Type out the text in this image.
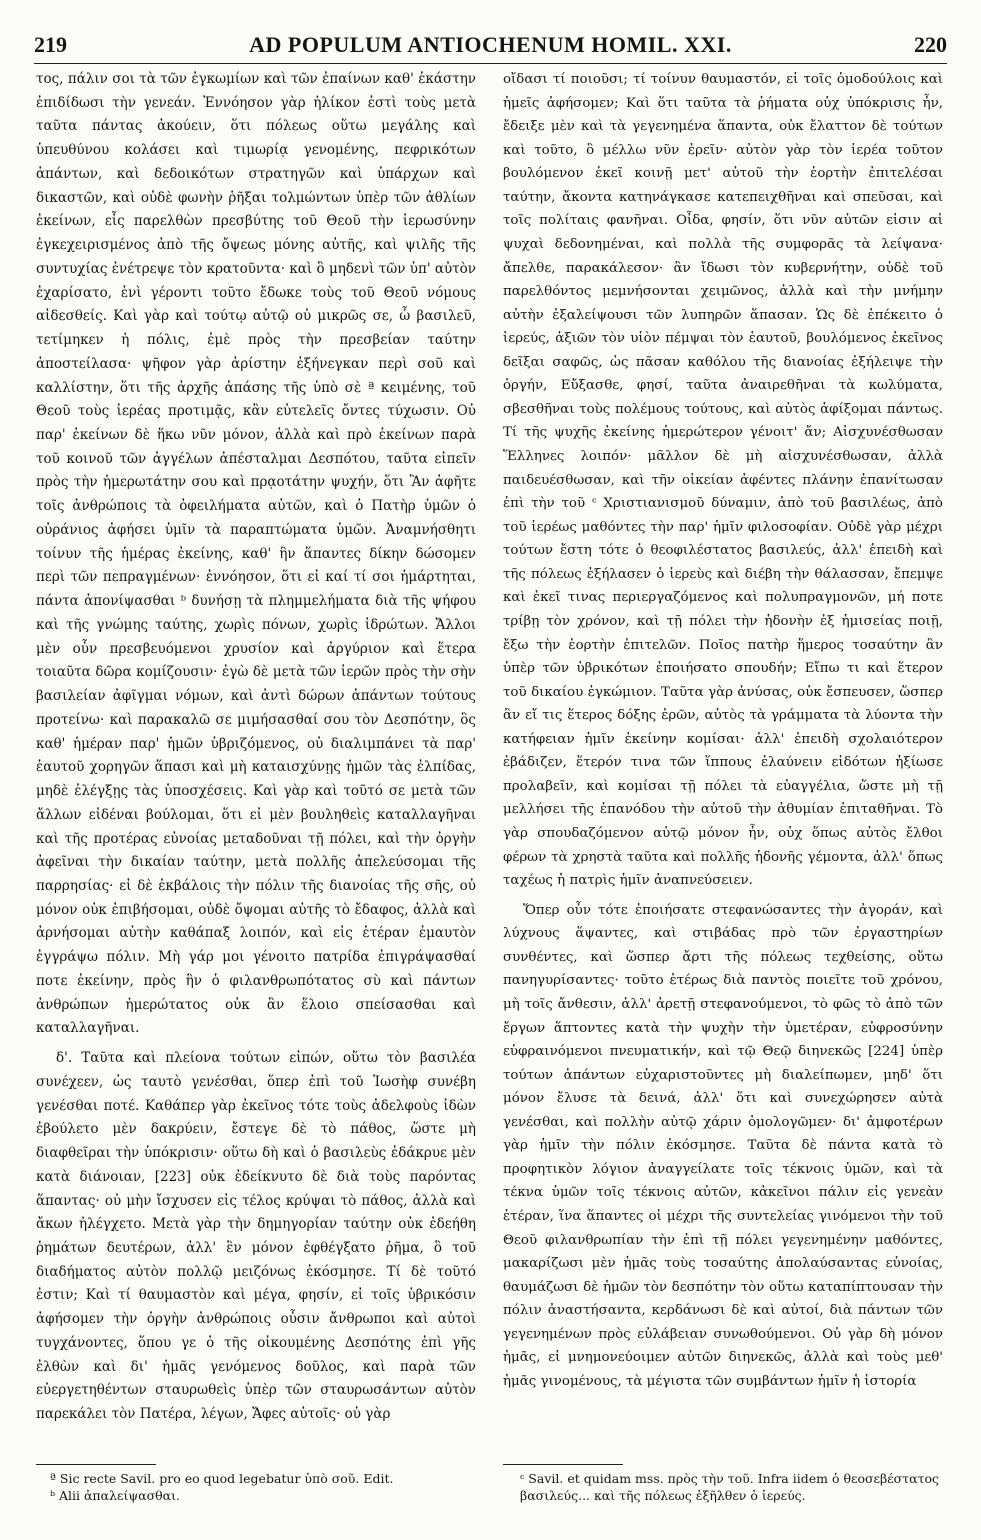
219	AD POPULUM ANTIOCHENUM HOMIL. XXI.	220

τος, πάλιν σοι τὰ τῶν ἐγκωμίων καὶ τῶν ἐπαίνων καθ' ἑκάστην ἐπιδίδωσι τὴν γενεάν. Ἐννόησον γὰρ ἡλίκον ἐστὶ τοὺς μετὰ ταῦτα πάντας ἀκούειν, ὅτι πόλεως οὕτω μεγάλης καὶ ὑπευθύνου κολάσει καὶ τιμωρίᾳ γενομένης, πεφρικότων ἁπάντων, καὶ δεδοικότων στρατηγῶν καὶ ὑπάρχων καὶ δικαστῶν, καὶ οὐδὲ φωνὴν ῥῆξαι τολμώντων ὑπὲρ τῶν ἀθλίων ἐκείνων, εἷς παρελθὼν πρεσβύτης τοῦ Θεοῦ τὴν ἱερωσύνην ἐγκεχειρισμένος ἀπὸ τῆς ὄψεως μόνης αὐτῆς, καὶ ψιλῆς τῆς συντυχίας ἐνέτρεψε τὸν κρατοῦντα· καὶ ὃ μηδενὶ τῶν ὑπ' αὐτὸν ἐχαρίσατο, ἑνὶ γέροντι τοῦτο ἔδωκε τοὺς τοῦ Θεοῦ νόμους αἰδεσθείς. Καὶ γὰρ καὶ τούτῳ αὐτῷ οὐ μικρῶς σε, ὦ βασιλεῦ, τετίμηκεν ἡ πόλις, ἐμὲ πρὸς τὴν πρεσβείαν ταύτην ἀποστείλασα· ψῆφον γὰρ ἀρίστην ἐξήνεγκαν περὶ σοῦ καὶ καλλίστην, ὅτι τῆς ἀρχῆς ἁπάσης τῆς ὑπὸ σὲ ª κειμένης, τοῦ Θεοῦ τοὺς ἱερέας προτιμᾷς, κἂν εὐτελεῖς ὄντες τύχωσιν. Οὐ παρ' ἐκείνων δὲ ἥκω νῦν μόνον, ἀλλὰ καὶ πρὸ ἐκείνων παρὰ τοῦ κοινοῦ τῶν ἀγγέλων ἀπέσταλμαι Δεσπότου, ταῦτα εἰπεῖν πρὸς τὴν ἡμερωτάτην σου καὶ πρᾳοτάτην ψυχήν, ὅτι Ἂν ἀφῆτε τοῖς ἀνθρώποις τὰ ὀφειλήματα αὐτῶν, καὶ ὁ Πατὴρ ὑμῶν ὁ οὐράνιος ἀφήσει ὑμῖν τὰ παραπτώματα ὑμῶν. Ἀναμνήσθητι τοίνυν τῆς ἡμέρας ἐκείνης, καθ' ἣν ἅπαντες δίκην δώσομεν περὶ τῶν πεπραγμένων· ἐννόησον, ὅτι εἰ καί τί σοι ἡμάρτηται, πάντα ἀπονίψασθαι ᵇ δυνήσῃ τὰ πλημμελήματα διὰ τῆς ψήφου καὶ τῆς γνώμης ταύτης, χωρὶς πόνων, χωρὶς ἱδρώτων. Ἄλλοι μὲν οὖν πρεσβευόμενοι χρυσίον καὶ ἀργύριον καὶ ἕτερα τοιαῦτα δῶρα κομίζουσιν· ἐγὼ δὲ μετὰ τῶν ἱερῶν πρὸς τὴν σὴν βασιλείαν ἀφῖγμαι νόμων, καὶ ἀντὶ δώρων ἁπάντων τούτους προτείνω· καὶ παρακαλῶ σε μιμήσασθαί σου τὸν Δεσπότην, ὃς καθ' ἡμέραν παρ' ἡμῶν ὑβριζόμενος, οὐ διαλιμπάνει τὰ παρ' ἑαυτοῦ χορηγῶν ἅπασι καὶ μὴ καταισχύνῃς ἡμῶν τὰς ἐλπίδας, μηδὲ ἐλέγξῃς τὰς ὑποσχέσεις. Καὶ γὰρ καὶ τοῦτό σε μετὰ τῶν ἄλλων εἰδέναι βούλομαι, ὅτι εἰ μὲν βουληθεὶς καταλλαγῆναι καὶ τῆς προτέρας εὐνοίας μεταδοῦναι τῇ πόλει, καὶ τὴν ὀργὴν ἀφεῖναι τὴν δικαίαν ταύτην, μετὰ πολλῆς ἀπελεύσομαι τῆς παρρησίας· εἰ δὲ ἐκβάλοις τὴν πόλιν τῆς διανοίας τῆς σῆς, οὐ μόνον οὐκ ἐπιβήσομαι, οὐδὲ ὄψομαι αὐτῆς τὸ ἔδαφος, ἀλλὰ καὶ ἀρνήσομαι αὐτὴν καθάπαξ λοιπόν, καὶ εἰς ἑτέραν ἐμαυτὸν ἐγγράψω πόλιν. Μὴ γάρ μοι γένοιτο πατρίδα ἐπιγράψασθαί ποτε ἐκείνην, πρὸς ἣν ὁ φιλανθρωπότατος σὺ καὶ πάντων ἀνθρώπων ἡμερώτατος οὐκ ἂν ἕλοιο σπείσασθαι καὶ καταλλαγῆναι.

δ'. Ταῦτα καὶ πλείονα τούτων εἰπών, οὕτω τὸν βασιλέα συνέχεεν, ὡς ταυτὸ γενέσθαι, ὅπερ ἐπὶ τοῦ Ἰωσὴφ συνέβη γενέσθαι ποτέ. Καθάπερ γὰρ ἐκεῖνος τότε τοὺς ἀδελφοὺς ἰδὼν ἐβούλετο μὲν δακρύειν, ἔστεγε δὲ τὸ πάθος, ὥστε μὴ διαφθεῖραι τὴν ὑπόκρισιν· οὕτω δὴ καὶ ὁ βασιλεὺς ἐδάκρυε μὲν κατὰ διάνοιαν, [223] οὐκ ἐδείκνυτο δὲ διὰ τοὺς παρόντας ἅπαντας· οὐ μὴν ἴσχυσεν εἰς τέλος κρύψαι τὸ πάθος, ἀλλὰ καὶ ἄκων ἠλέγχετο. Μετὰ γὰρ τὴν δημηγορίαν ταύτην οὐκ ἐδεήθη ῥημάτων δευτέρων, ἀλλ' ἓν μόνον ἐφθέγξατο ῥῆμα, ὃ τοῦ διαδήματος αὐτὸν πολλῷ μειζόνως ἐκόσμησε. Τί δὲ τοῦτό ἐστιν; Καὶ τί θαυμαστὸν καὶ μέγα, φησίν, εἰ τοῖς ὑβρικόσιν ἀφήσομεν τὴν ὀργὴν ἀνθρώποις οὖσιν ἄνθρωποι καὶ αὐτοὶ τυγχάνοντες, ὅπου γε ὁ τῆς οἰκουμένης Δεσπότης ἐπὶ γῆς ἐλθὼν καὶ δι' ἡμᾶς γενόμενος δοῦλος, καὶ παρὰ τῶν εὐεργετηθέντων σταυρωθεὶς ὑπὲρ τῶν σταυρωσάντων αὐτὸν παρεκάλει τὸν Πατέρα, λέγων, Ἄφες αὐτοῖς· οὐ γὰρ

οἴδασι τί ποιοῦσι; τί τοίνυν θαυμαστόν, εἰ τοῖς ὁμοδούλοις καὶ ἡμεῖς ἀφήσομεν; Καὶ ὅτι ταῦτα τὰ ῥήματα οὐχ ὑπόκρισις ἦν, ἔδειξε μὲν καὶ τὰ γεγενημένα ἅπαντα, οὐκ ἔλαττον δὲ τούτων καὶ τοῦτο, ὃ μέλλω νῦν ἐρεῖν· αὐτὸν γὰρ τὸν ἱερέα τοῦτον βουλόμενον ἐκεῖ κοινῇ μετ' αὐτοῦ τὴν ἑορτὴν ἐπιτελέσαι ταύτην, ἄκοντα κατηνάγκασε κατεπειχθῆναι καὶ σπεῦσαι, καὶ τοῖς πολίταις φανῆναι. Οἶδα, φησίν, ὅτι νῦν αὐτῶν εἰσιν αἱ ψυχαὶ δεδονημέναι, καὶ πολλὰ τῆς συμφορᾶς τὰ λείψανα· ἄπελθε, παρακάλεσον· ἂν ἴδωσι τὸν κυβερνήτην, οὐδὲ τοῦ παρελθόντος μεμνήσονται χειμῶνος, ἀλλὰ καὶ τὴν μνήμην αὐτὴν ἐξαλείψουσι τῶν λυπηρῶν ἅπασαν. Ὡς δὲ ἐπέκειτο ὁ ἱερεύς, ἀξιῶν τὸν υἱὸν πέμψαι τὸν ἑαυτοῦ, βουλόμενος ἐκεῖνος δεῖξαι σαφῶς, ὡς πᾶσαν καθόλου τῆς διανοίας ἐξήλειψε τὴν ὀργήν, Εὔξασθε, φησί, ταῦτα ἀναιρεθῆναι τὰ κωλύματα, σβεσθῆναι τοὺς πολέμους τούτους, καὶ αὐτὸς ἀφίξομαι πάντως. Τί τῆς ψυχῆς ἐκείνης ἡμερώτερον γένοιτ' ἄν; Αἰσχυνέσθωσαν Ἕλληνες λοιπόν· μᾶλλον δὲ μὴ αἰσχυνέσθωσαν, ἀλλὰ παιδευέσθωσαν, καὶ τῆν οἰκείαν ἀφέντες πλάνην ἐπανίτωσαν ἐπὶ τὴν τοῦ ᶜ Χριστιανισμοῦ δύναμιν, ἀπὸ τοῦ βασιλέως, ἀπὸ τοῦ ἱερέως μαθόντες τὴν παρ' ἡμῖν φιλοσοφίαν. Οὐδὲ γὰρ μέχρι τούτων ἔστη τότε ὁ θεοφιλέστατος βασιλεύς, ἀλλ' ἐπειδὴ καὶ τῆς πόλεως ἐξήλασεν ὁ ἱερεὺς καὶ διέβη τὴν θάλασσαν, ἔπεμψε καὶ ἐκεῖ τινας περιεργαζόμενος καὶ πολυπραγμονῶν, μή ποτε τρίβῃ τὸν χρόνον, καὶ τῇ πόλει τὴν ἡδονὴν ἐξ ἡμισείας ποιῇ, ἔξω τὴν ἑορτὴν ἐπιτελῶν. Ποῖος πατὴρ ἥμερος τοσαύτην ἂν ὑπὲρ τῶν ὑβρικότων ἐποιήσατο σπουδήν; Εἴπω τι καὶ ἕτερον τοῦ δικαίου ἐγκώμιον. Ταῦτα γὰρ ἀνύσας, οὐκ ἔσπευσεν, ὥσπερ ἂν εἴ τις ἕτερος δόξης ἐρῶν, αὐτὸς τὰ γράμματα τὰ λύοντα τὴν κατήφειαν ἡμῖν ἐκείνην κομίσαι· ἀλλ' ἐπειδὴ σχολαιότερον ἐβάδιζεν, ἕτερόν τινα τῶν ἵππους ἐλαύνειν εἰδότων ἠξίωσε προλαβεῖν, καὶ κομίσαι τῇ πόλει τὰ εὐαγγέλια, ὥστε μὴ τῇ μελλήσει τῆς ἐπανόδου τὴν αὐτοῦ τὴν ἀθυμίαν ἐπιταθῆναι. Τὸ γὰρ σπουδαζόμενον αὐτῷ μόνον ἦν, οὐχ ὅπως αὐτὸς ἔλθοι φέρων τὰ χρηστὰ ταῦτα καὶ πολλῆς ἡδονῆς γέμοντα, ἀλλ' ὅπως ταχέως ἡ πατρὶς ἡμῖν ἀναπνεύσειεν.

Ὅπερ οὖν τότε ἐποιήσατε στεφανώσαντες τὴν ἀγοράν, καὶ λύχνους ἅψαντες, καὶ στιβάδας πρὸ τῶν ἐργαστηρίων συνθέντες, καὶ ὥσπερ ἄρτι τῆς πόλεως τεχθείσης, οὕτω πανηγυρίσαντες· τοῦτο ἑτέρως διὰ παντὸς ποιεῖτε τοῦ χρόνου, μὴ τοῖς ἄνθεσιν, ἀλλ' ἀρετῇ στεφανούμενοι, τὸ φῶς τὸ ἀπὸ τῶν ἔργων ἅπτοντες κατὰ τὴν ψυχὴν τὴν ὑμετέραν, εὐφροσύνην εὐφραινόμενοι πνευματικήν, καὶ τῷ Θεῷ διηνεκῶς [224] ὑπὲρ τούτων ἁπάντων εὐχαριστοῦντες μὴ διαλείπωμεν, μηδ' ὅτι μόνον ἔλυσε τὰ δεινά, ἀλλ' ὅτι καὶ συνεχώρησεν αὐτὰ γενέσθαι, καὶ πολλὴν αὐτῷ χάριν ὁμολογῶμεν· δι' ἀμφοτέρων γὰρ ἡμῖν τὴν πόλιν ἐκόσμησε. Ταῦτα δὲ πάντα κατὰ τὸ προφητικὸν λόγιον ἀναγγείλατε τοῖς τέκνοις ὑμῶν, καὶ τὰ τέκνα ὑμῶν τοῖς τέκνοις αὐτῶν, κἀκεῖνοι πάλιν εἰς γενεὰν ἑτέραν, ἵνα ἅπαντες οἱ μέχρι τῆς συντελείας γινόμενοι τὴν τοῦ Θεοῦ φιλανθρωπίαν τὴν ἐπὶ τῇ πόλει γεγενημένην μαθόντες, μακαρίζωσι μὲν ἡμᾶς τοὺς τοσαύτης ἀπολαύσαντας εὐνοίας, θαυμάζωσι δὲ ἡμῶν τὸν δεσπότην τὸν οὕτω καταπίπτουσαν τὴν πόλιν ἀναστήσαντα, κερδάνωσι δὲ καὶ αὐτοί, διὰ πάντων τῶν γεγενημένων πρὸς εὐλάβειαν συνωθούμενοι. Οὐ γὰρ δὴ μόνον ἡμᾶς, εἰ μνημονεύοιμεν αὐτῶν διηνεκῶς, ἀλλὰ καὶ τοὺς μεθ' ἡμᾶς γινομένους, τὰ μέγιστα τῶν συμβάντων ἡμῖν ἡ ἱστορία

ª Sic recte Savil. pro eo quod legebatur ὑπὸ σοῦ. Edit.
ᵇ Alii ἀπαλείψασθαι.
ᶜ Savil. et quidam mss. πρὸς τὴν τοῦ. Infra iidem ὁ θεοσεβέστατος βασιλεύς... καὶ τῆς πόλεως ἐξῆλθεν ὁ ἱερεύς.
